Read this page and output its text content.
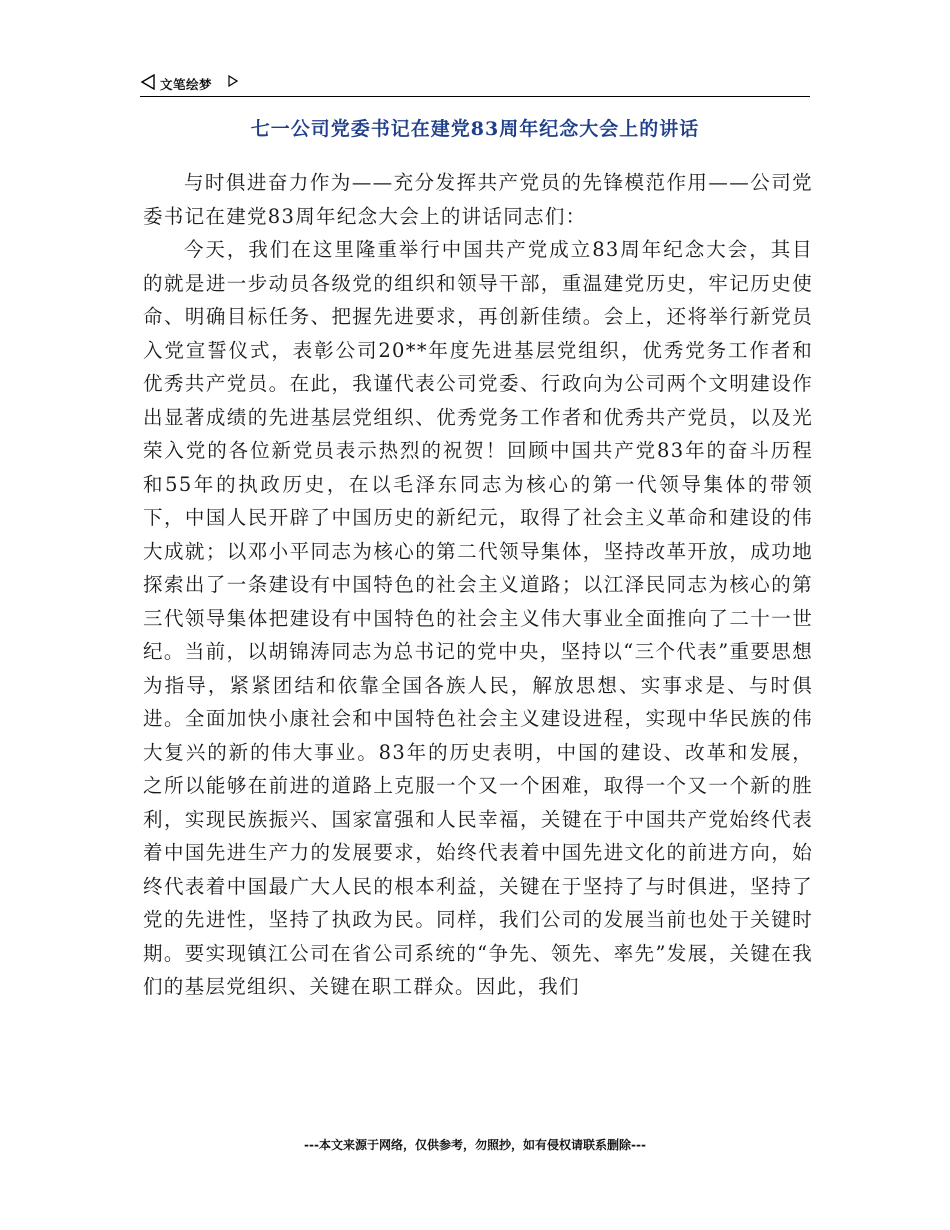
文笔绘梦
七一公司党委书记在建党83周年纪念大会上的讲话

与时俱进奋力作为——充分发挥共产党员的先锋模范作用——公司党委书记在建党83周年纪念大会上的讲话同志们：

今天，我们在这里隆重举行中国共产党成立83周年纪念大会，其目的就是进一步动员各级党的组织和领导干部，重温建党历史，牢记历史使命、明确目标任务、把握先进要求，再创新佳绩。会上，还将举行新党员入党宣誓仪式，表彰公司20**年度先进基层党组织，优秀党务工作者和优秀共产党员。在此，我谨代表公司党委、行政向为公司两个文明建设作出显著成绩的先进基层党组织、优秀党务工作者和优秀共产党员，以及光荣入党的各位新党员表示热烈的祝贺！回顾中国共产党83年的奋斗历程和55年的执政历史，在以毛泽东同志为核心的第一代领导集体的带领下，中国人民开辟了中国历史的新纪元，取得了社会主义革命和建设的伟大成就；以邓小平同志为核心的第二代领导集体，坚持改革开放，成功地探索出了一条建设有中国特色的社会主义道路；以江泽民同志为核心的第三代领导集体把建设有中国特色的社会主义伟大事业全面推向了二十一世纪。当前，以胡锦涛同志为总书记的党中央，坚持以“三个代表”重要思想为指导，紧紧团结和依靠全国各族人民，解放思想、实事求是、与时俱进。全面加快小康社会和中国特色社会主义建设进程，实现中华民族的伟大复兴的新的伟大事业。83年的历史表明，中国的建设、改革和发展，之所以能够在前进的道路上克服一个又一个困难，取得一个又一个新的胜利，实现民族振兴、国家富强和人民幸福，关键在于中国共产党始终代表着中国先进生产力的发展要求，始终代表着中国先进文化的前进方向，始终代表着中国最广大人民的根本利益，关键在于坚持了与时俱进，坚持了党的先进性，坚持了执政为民。同样，我们公司的发展当前也处于关键时期。要实现镇江公司在省公司系统的“争先、领先、率先”发展，关键在我们的基层党组织、关键在职工群众。因此，我们

---本文来源于网络，仅供参考，勿照抄，如有侵权请联系删除---
